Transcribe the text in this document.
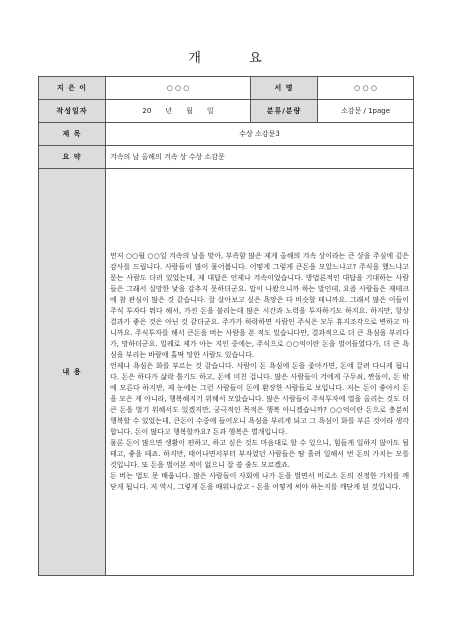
개 요
지 은 이	○ ○ ○	서 명	○ ○ ○
작성일자	20 년 월 일	분류/분량	소감문 / 1page
제 목	수상 소감문3		
요 약	겨속의 날 올해의 겨속 상 수상 소감문		
내 용	먼저 ○○월 ○○일 겨속의 날을 맞아, 부족함 많은 제게 올해의 겨속 상이라는 큰 상을 주심에 깊은 감사를 드립니다. 사람들이 많이 물어봅니다. 어떻게 그렇게 큰돈을 모았느냐고? 주식을 했느냐고 묻는 사람도 더러 있었는데, 제 대답은 언제나 겨속이었습니다. 방법론적인 대답을 기대하는 사람들은 그래서 실망한 낯을 감추지 못하더군요. 말이 나왔으니까 하는 말인데, 요즘 사람들은 재테크에 참 관심이 많은 것 같습니다. 잘 살아보고 싶은 욕망은 다 비슷할 테니까요. 그래서 많은 이들이 주식 투자다 뭐다 해서, 가진 돈을 불리는데 많은 시간과 노력을 투자하기도 하지요. 하지만, 항상 결과가 좋은 것은 아닌 것 같더군요. 주가가 하락하면 사람인 주식은 모두 휴지조각으로 변하고 마니까요. 주식투자를 해서 큰돈을 버는 사람을 본 적도 있습니다만, 결과적으로 더 큰 욕심을 부리다가, 망하더군요. 일례로 제가 아는 지인 중에는, 주식으로 ○○억이란 돈을 벌어들였다가, 더 큰 욕심을 부리는 바람에 홀딱 망한 사람도 있습니다.

언제나 욕심은 화를 부르는 것 같습니다. 사람이 돈 욕심에 돈을 좇아가면, 돈에 끌려 다니게 됩니다. 돈은 하다가 삶락 틀기도 하고, 돈에 미친 겁니다. 많은 사람들이 겨에게 구두쇠, 짠돌이, 돈 밖에 모른다 하지만, 제 눈에는 그런 사람들이 돈에 환장한 사람들로 보입니다. 저는 돈이 좋아서 돈을 모은 게 아니라, 행복해지기 위해서 모았습니다. 많은 사람들이 주식투자에 열을 올리는 것도 더 큰 돈을 벌기 위해서도 있겠지만, 궁극적인 목적은 행복 아니겠습니까? ○○억이란 돈으로 충분히 행복할 수 있었는데, 큰돈이 수중에 들어오니 욕심을 부리게 되고 그 욕심이 화를 부른 것이라 생각합니다. 돈이 많다고 행복할까요? 돈과 행복은 별개입니다.

물론 돈이 많으면 생활이 편하고, 하고 싶은 것도 마음대로 할 수 있으니, 힘들게 일하지 않아도 될 테고, 좋을 테죠. 하지만, 태어나면서부터 부자였던 사람들은 땀 흘려 일해서 번 돈의 가치는 모를 것입니다. 또 돈을 벌어본 적이 없으니 잘 쓸 줄도 모르겠죠.

돈 버는 법도 못 배웁니다. 많은 사람들이 사회에 나가 돈을 벌면서 비로소 돈의 진정한 가치를 깨닫게 됩니다. 저 역시, 그렇게 돈을 배워나갔고 - 돈을 어떻게 써야 하는지를 깨닫게 된 것입니다.		
